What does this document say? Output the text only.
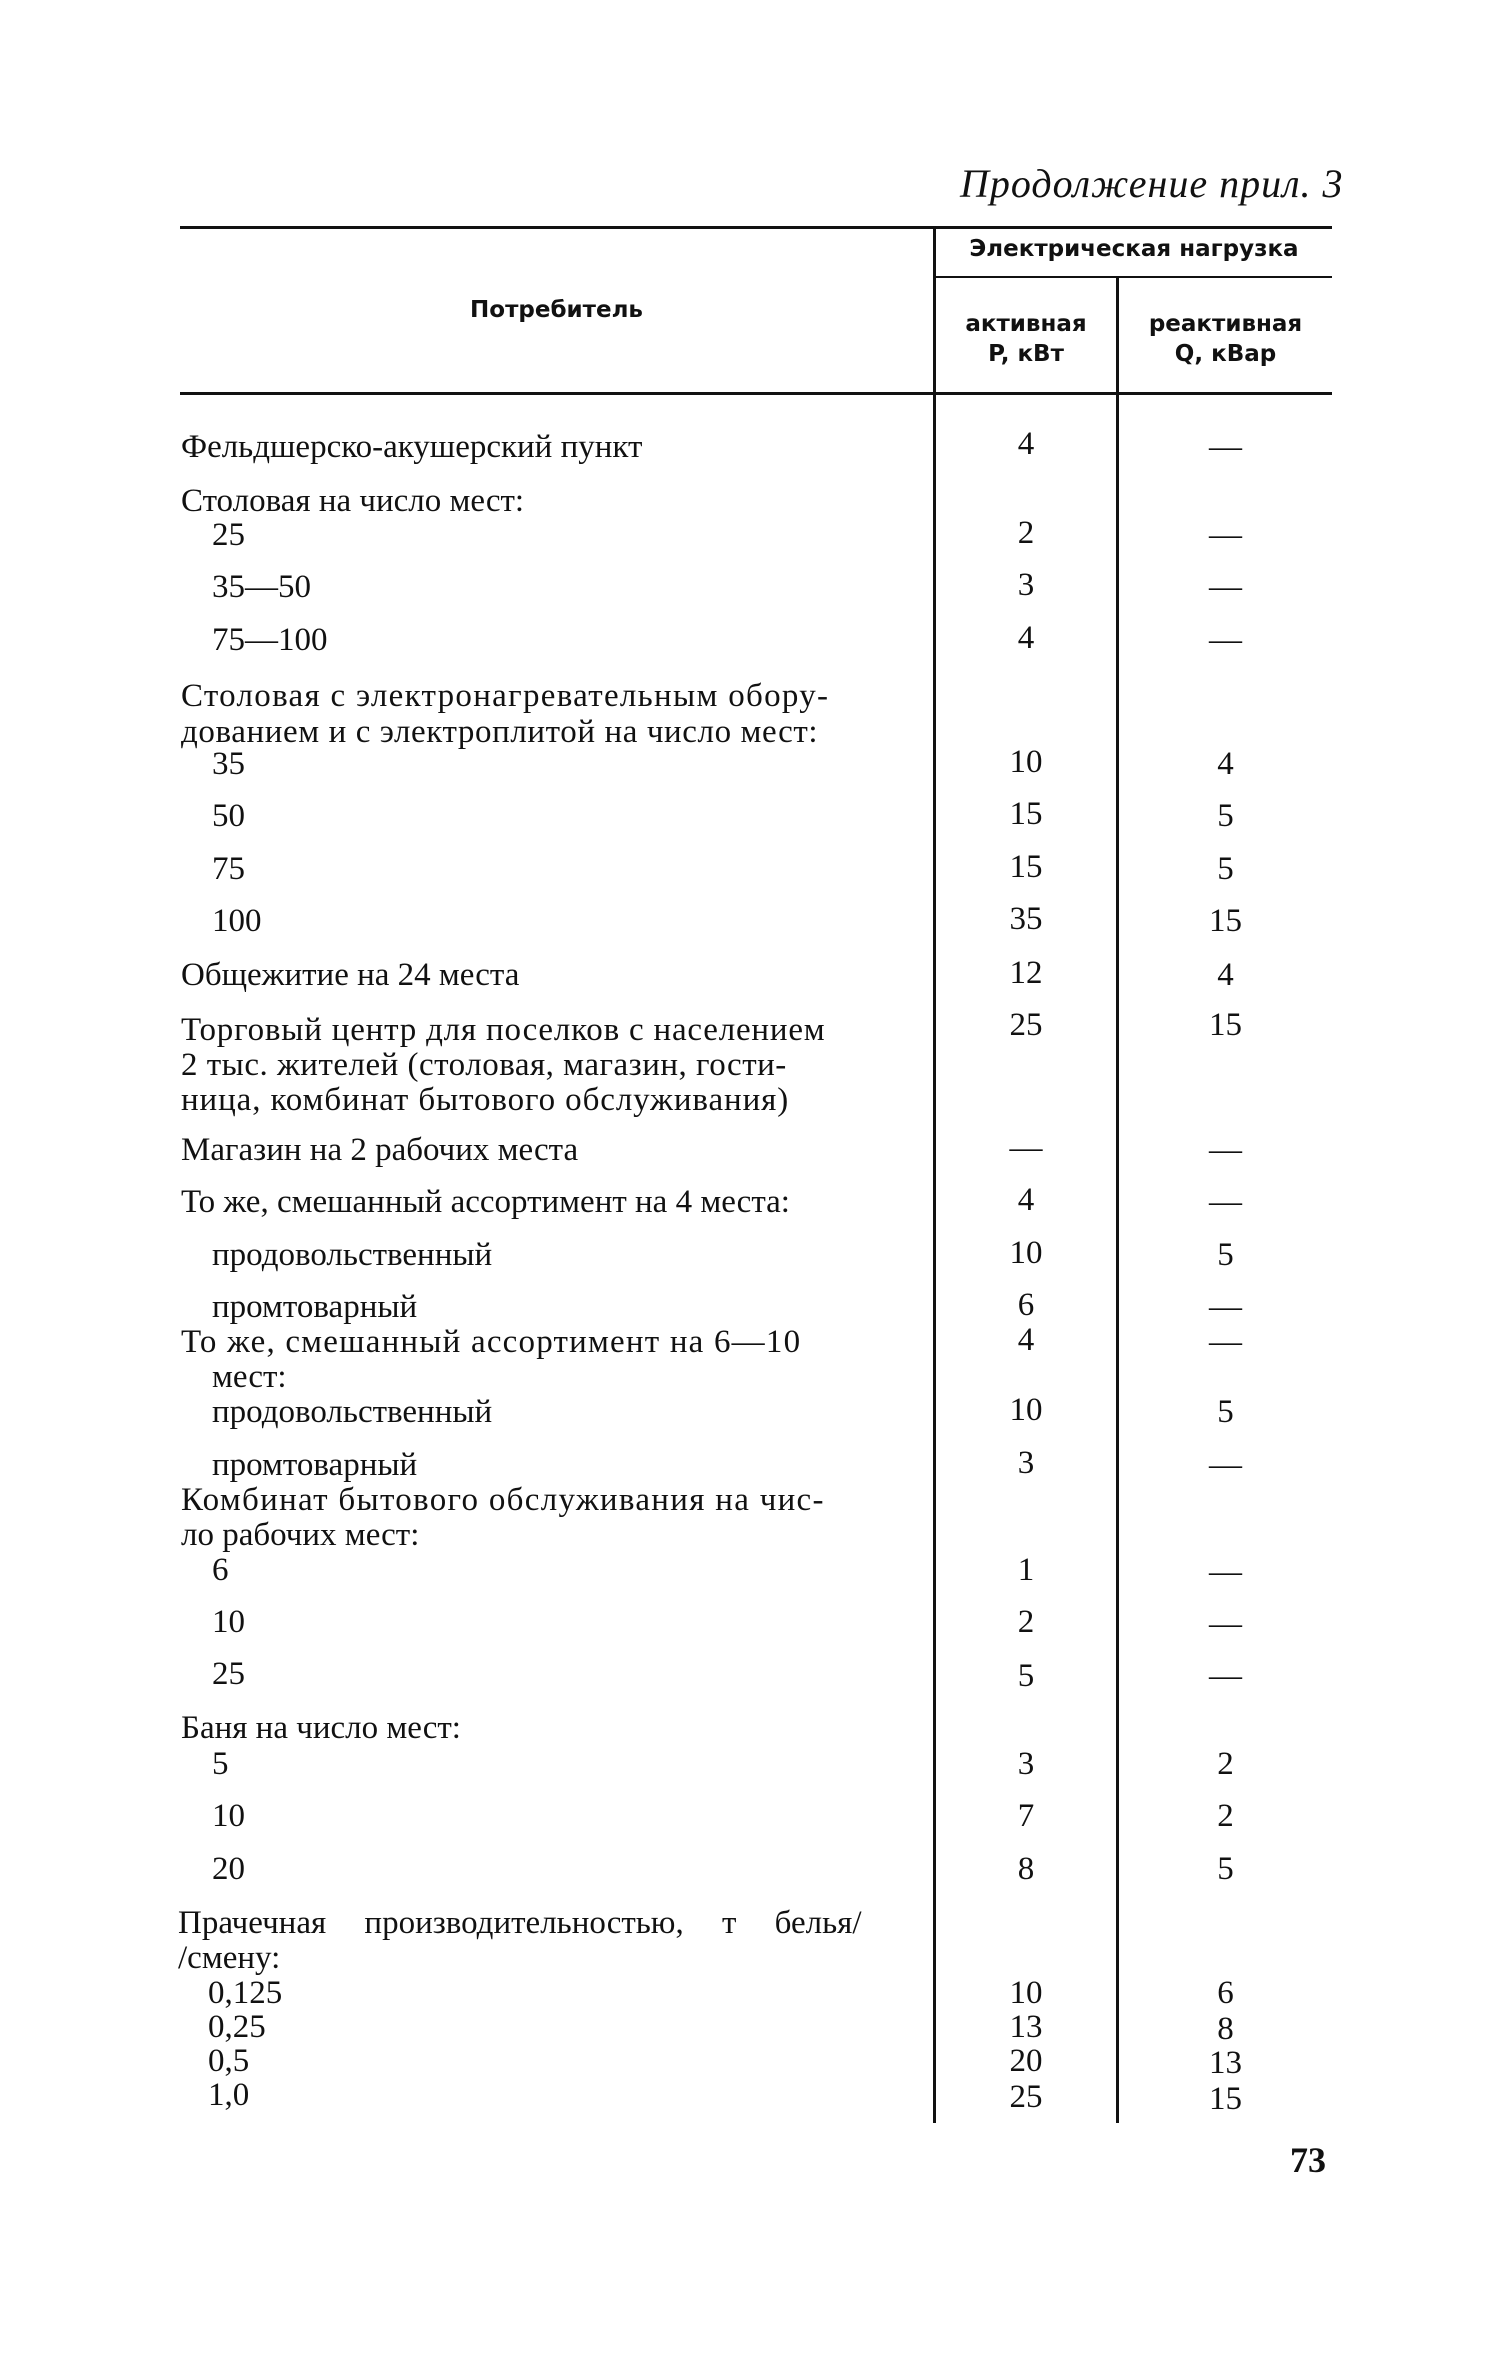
Продолжение прил. 3
Потребитель
Электрическая нагрузка
активная
P, кВт
реактивная
Q, кВар
Фельдшерско-акушерский пункт	4	—
Столовая на число мест:
25	2	—
35—50	3	—
75—100	4	—
Столовая с электронагревательным обору-
дованием и с электроплитой на число мест:
35	10	4
50	15	5
75	15	5
100	35	15
Общежитие на 24 места	12	4
Торговый центр для поселков с населением	25	15
2 тыс. жителей (столовая, магазин, гости-
ница, комбинат бытового обслуживания)
Магазин на 2 рабочих места	—	—
То же, смешанный ассортимент на 4 места:	4	—
продовольственный	10	5
промтоварный	6	—
То же, смешанный ассортимент на 6—10	4	—
мест:
продовольственный	10	5
промтоварный	3	—
Комбинат бытового обслуживания на чис-
ло рабочих мест:
6	1	—
10	2	—
25	5	—
Баня на число мест:
5	3	2
10	7	2
20	8	5
Прачечная производительностью, т белья/
/смену:
0,125	10	6
0,25	13	8
0,5	20	13
1,0	25	15
73
